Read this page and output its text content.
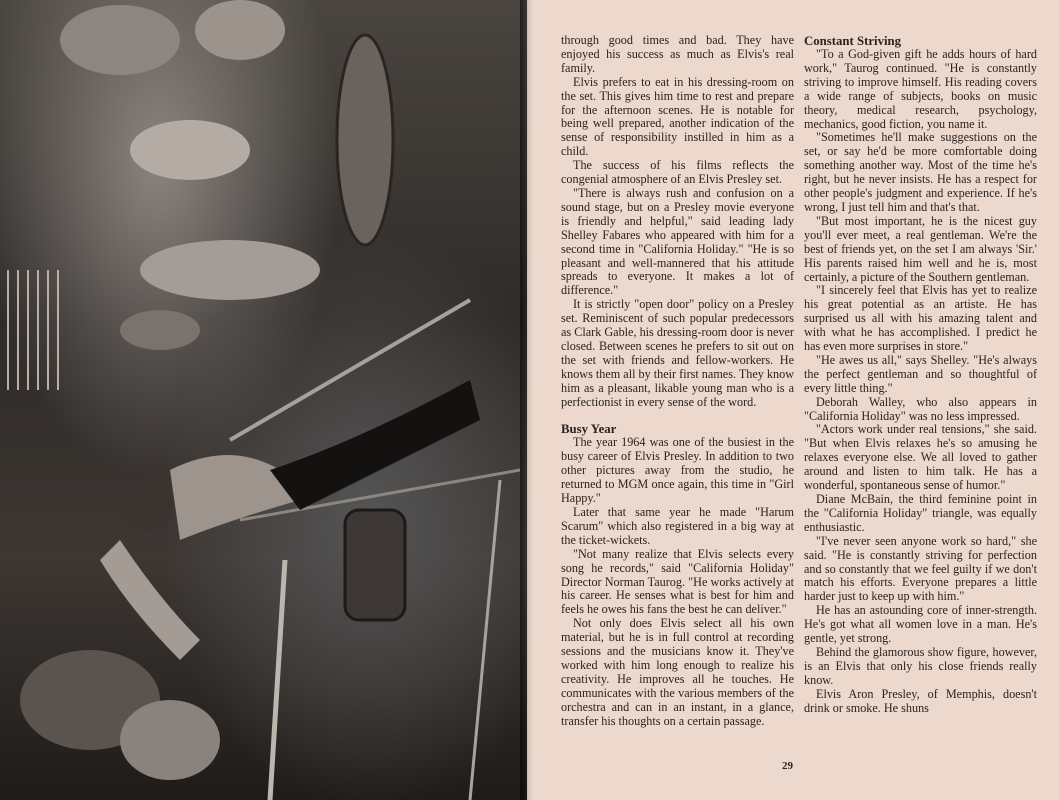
through good times and bad. They have enjoyed his success as much as Elvis's real family.

Elvis prefers to eat in his dressing-room on the set. This gives him time to rest and prepare for the afternoon scenes. He is notable for being well prepared, another indication of the sense of responsibility instilled in him as a child.

The success of his films reflects the congenial atmosphere of an Elvis Presley set.

"There is always rush and confusion on a sound stage, but on a Presley movie everyone is friendly and helpful," said leading lady Shelley Fabares who appeared with him for a second time in "California Holiday." "He is so pleasant and well-mannered that his attitude spreads to everyone. It makes a lot of difference."

It is strictly "open door" policy on a Presley set. Reminiscent of such popular predecessors as Clark Gable, his dressing-room door is never closed. Between scenes he prefers to sit out on the set with friends and fellow-workers. He knows them all by their first names. They know him as a pleasant, likable young man who is a perfectionist in every sense of the word.

Busy Year

The year 1964 was one of the busiest in the busy career of Elvis Presley. In addition to two other pictures away from the studio, he returned to MGM once again, this time in "Girl Happy."

Later that same year he made "Harum Scarum" which also registered in a big way at the ticket-wickets.

"Not many realize that Elvis selects every song he records," said "California Holiday" Director Norman Taurog. "He works actively at his career. He senses what is best for him and feels he owes his fans the best he can deliver."

Not only does Elvis select all his own material, but he is in full control at recording sessions and the musicians know it. They've worked with him long enough to realize his creativity. He improves all he touches. He communicates with the various members of the orchestra and can in an instant, in a glance, transfer his thoughts on a certain passage.

Constant Striving

"To a God-given gift he adds hours of hard work," Taurog continued. "He is constantly striving to improve himself. His reading covers a wide range of subjects, books on music theory, medical research, psychology, mechanics, good fiction, you name it.

"Sometimes he'll make suggestions on the set, or say he'd be more comfortable doing something another way. Most of the time he's right, but he never insists. He has a respect for other people's judgment and experience. If he's wrong, I just tell him and that's that.

"But most important, he is the nicest guy you'll ever meet, a real gentleman. We're the best of friends yet, on the set I am always 'Sir.' His parents raised him well and he is, most certainly, a picture of the Southern gentleman.

"I sincerely feel that Elvis has yet to realize his great potential as an artiste. He has surprised us all with his amazing talent and with what he has accomplished. I predict he has even more surprises in store."

"He awes us all," says Shelley. "He's always the perfect gentleman and so thoughtful of every little thing."

Deborah Walley, who also appears in "California Holiday" was no less impressed.

"Actors work under real tensions," she said. "But when Elvis relaxes he's so amusing he relaxes everyone else. We all loved to gather around and listen to him talk. He has a wonderful, spontaneous sense of humor."

Diane McBain, the third feminine point in the "California Holiday" triangle, was equally enthusiastic.

"I've never seen anyone work so hard," she said. "He is constantly striving for perfection and so constantly that we feel guilty if we don't match his efforts. Everyone prepares a little harder just to keep up with him."

He has an astounding core of inner-strength. He's got what all women love in a man. He's gentle, yet strong.

Behind the glamorous show figure, however, is an Elvis that only his close friends really know.

Elvis Aron Presley, of Memphis, doesn't drink or smoke. He shuns

29
